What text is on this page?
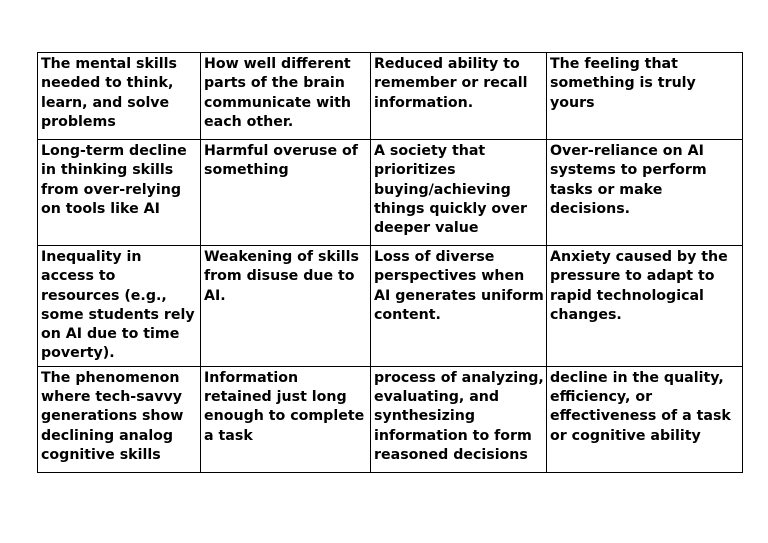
The mental skills needed to think, learn, and solve problems	How well different parts of the brain communicate with each other.	Reduced ability to remember or recall information.	The feeling that something is truly yours
Long-term decline in thinking skills from over-relying on tools like AI	Harmful overuse of something	A society that prioritizes buying/achieving things quickly over deeper value	Over-reliance on AI systems to perform tasks or make decisions.
Inequality in access to resources (e.g., some students rely on AI due to time poverty).	Weakening of skills from disuse due to AI.	Loss of diverse perspectives when AI generates uniform content.	Anxiety caused by the pressure to adapt to rapid technological changes.
The phenomenon where tech-savvy generations show declining analog cognitive skills	Information retained just long enough to complete a task	process of analyzing, evaluating, and synthesizing information to form reasoned decisions	decline in the quality, efficiency, or effectiveness of a task or cognitive ability
